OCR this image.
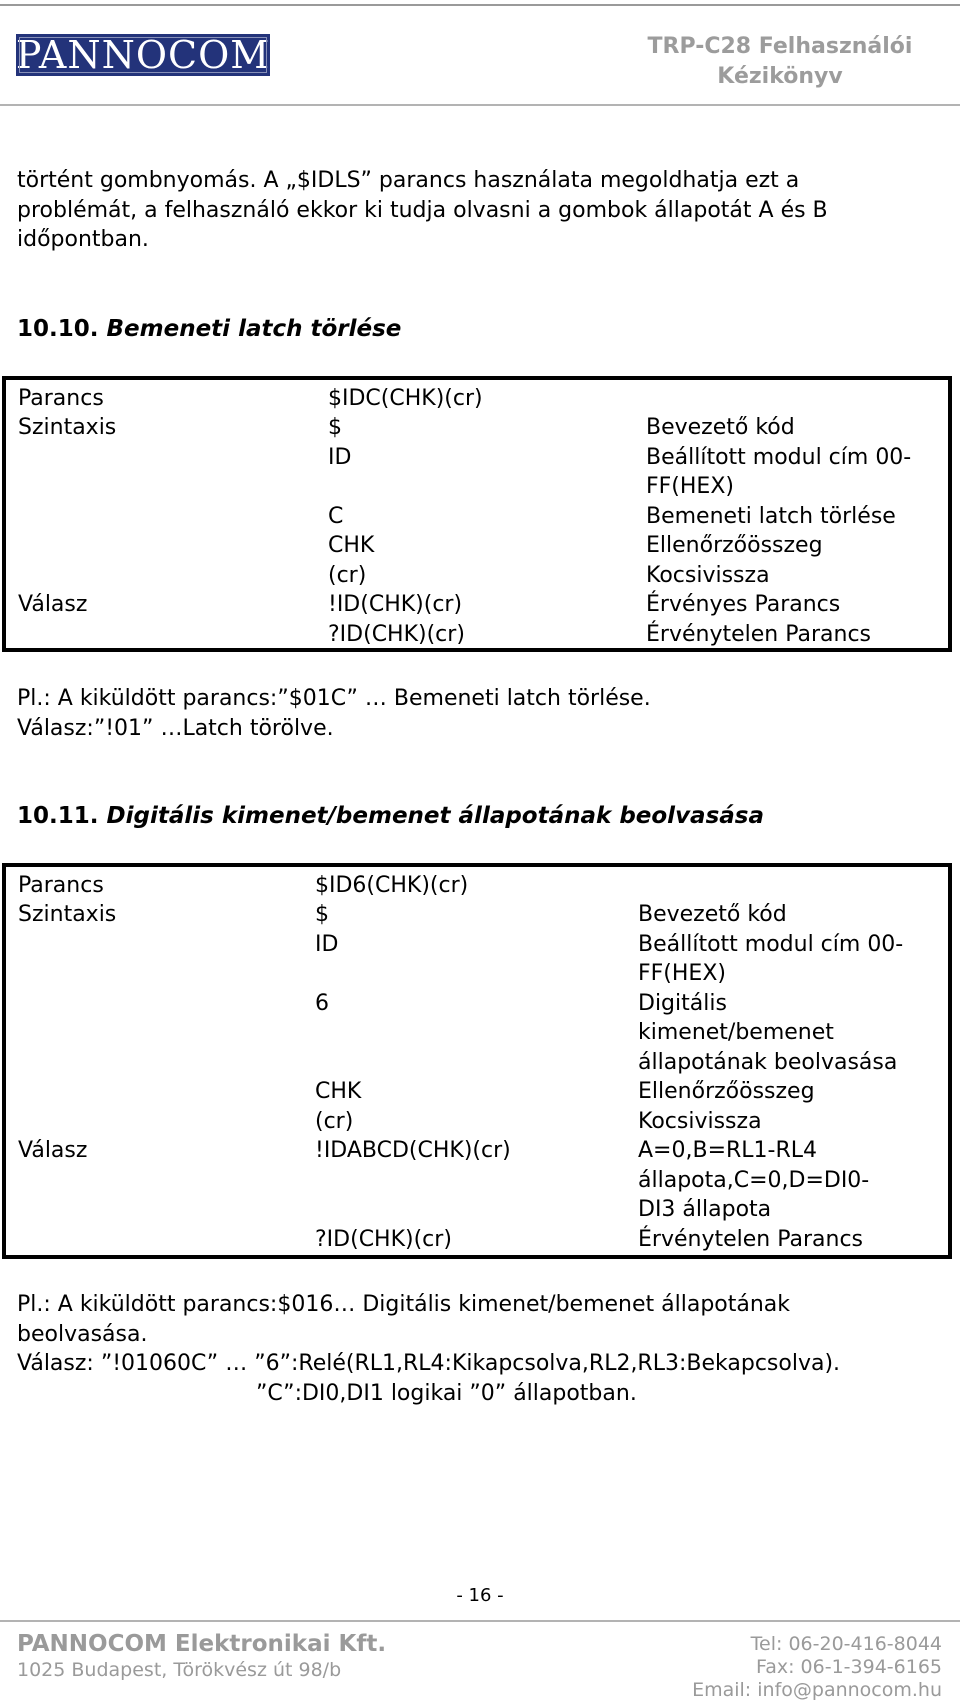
PANNOCOM	TRP-C28 Felhasználói
Kézikönyv
történt gombnyomás. A „$IDLS” parancs használata megoldhatja ezt a
problémát, a felhasználó ekkor ki tudja olvasni a gombok állapotát A és B
időpontban.
10.10. Bemeneti latch törlése
Parancs	$IDC(CHK)(cr)
Szintaxis	$	Bevezető kód
ID	Beállított modul cím 00-
FF(HEX)
C	Bemeneti latch törlése
CHK	Ellenőrzőösszeg
(cr)	Kocsivissza
Válasz	!ID(CHK)(cr)	Érvényes Parancs
?ID(CHK)(cr)	Érvénytelen Parancs
Pl.: A kiküldött parancs:”$01C” … Bemeneti latch törlése.
Válasz:”!01” …Latch törölve.
10.11. Digitális kimenet/bemenet állapotának beolvasása
Parancs	$ID6(CHK)(cr)
Szintaxis	$	Bevezető kód
ID	Beállított modul cím 00-
FF(HEX)
6	Digitális
kimenet/bemenet
állapotának beolvasása
CHK	Ellenőrzőösszeg
(cr)	Kocsivissza
Válasz	!IDABCD(CHK)(cr)	A=0,B=RL1-RL4
állapota,C=0,D=DI0-
DI3 állapota
?ID(CHK)(cr)	Érvénytelen Parancs
Pl.: A kiküldött parancs:$016… Digitális kimenet/bemenet állapotának
beolvasása.
Válasz: ”!01060C” … ”6”:Relé(RL1,RL4:Kikapcsolva,RL2,RL3:Bekapcsolva).
”C”:DI0,DI1 logikai ”0” állapotban.
- 16 -
PANNOCOM Elektronikai Kft.
1025 Budapest, Törökvész út 98/b
Tel: 06-20-416-8044
Fax: 06-1-394-6165
Email: info@pannocom.hu
